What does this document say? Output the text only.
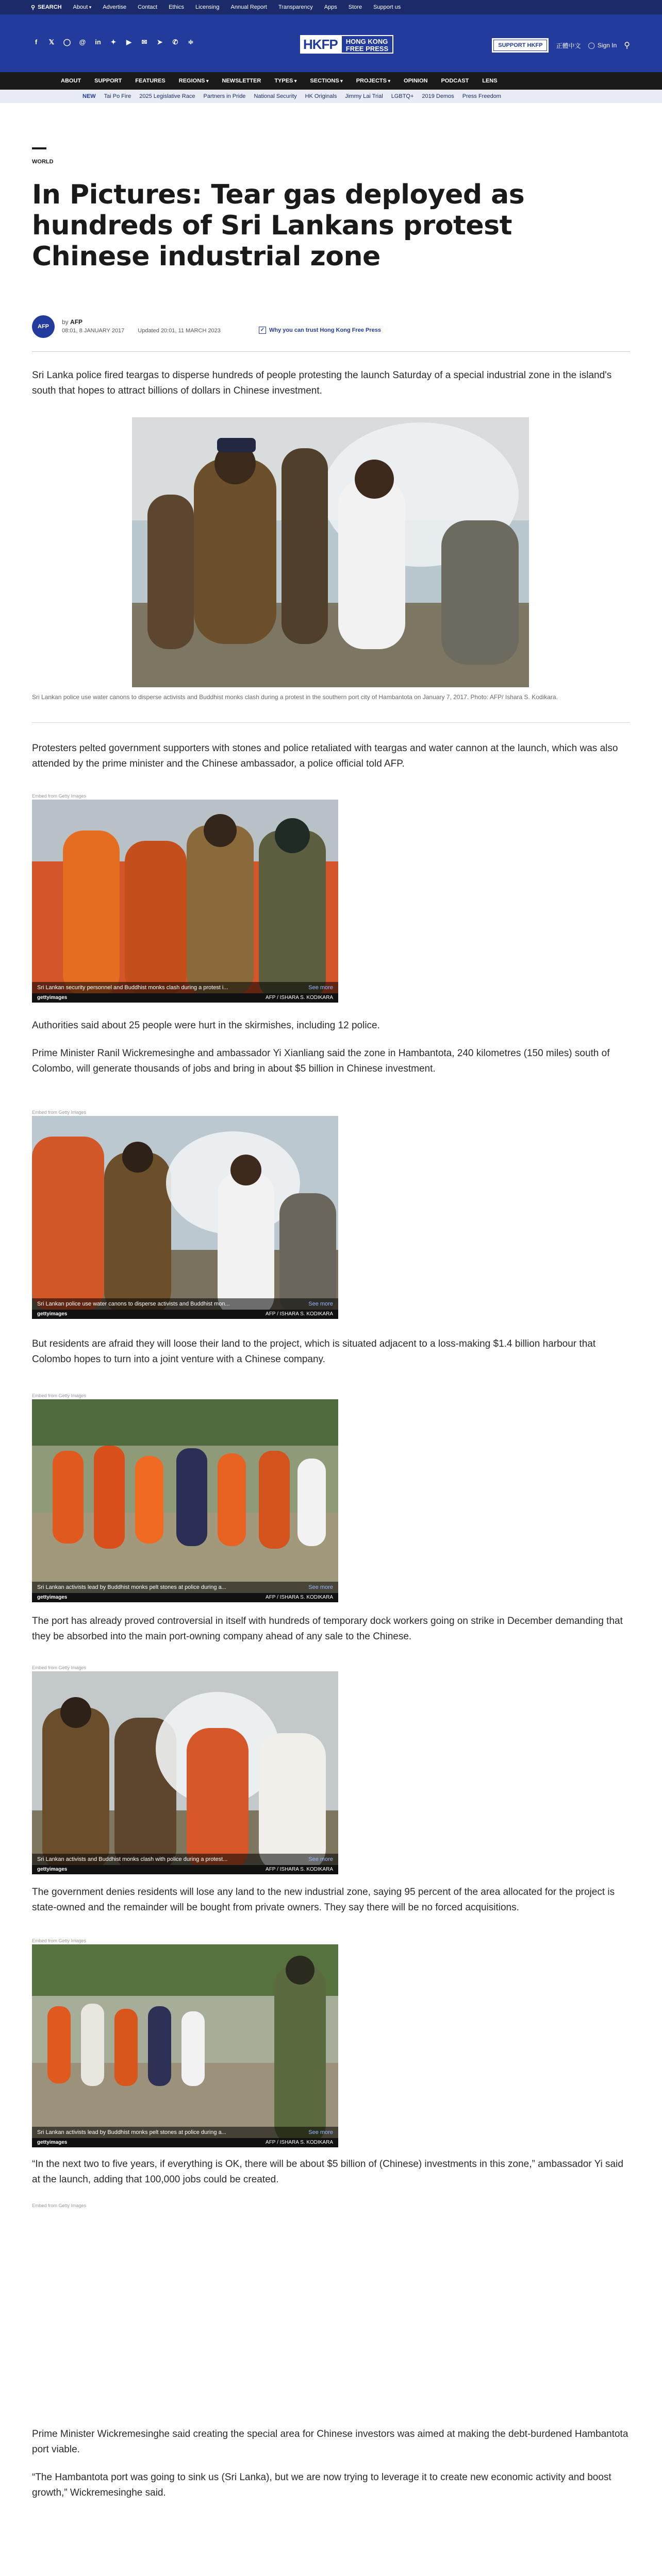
⚲ SEARCH About ▾	Advertise Contact Ethics Licensing Annual Report Transparency Apps Store Support us
f	𝕏 ◯ @ in ✦ ▶ ✉ ➤ ✆ ≑	HKFP	HONG KONG
FREE PRESS	SUPPORT HKFP	正體中文 ◯ Sign In ⚲
ABOUT SUPPORT FEATURES REGIONS ▾	NEWSLETTER TYPES ▾	SECTIONS ▾	PROJECTS ▾	OPINION PODCAST LENS
NEW Tai Po Fire 2025 Legislative Race Partners in Pride National Security HK Originals Jimmy Lai Trial LGBTQ+ 2019 Demos Press Freedom
WORLD
In Pictures: Tear gas deployed as hundreds of Sri Lankans protest Chinese industrial zone
AFP
by AFP
08:01, 8 JANUARY 2017 Updated 20:01, 11 MARCH 2023	✓ Why you can trust Hong Kong Free Press

Sri Lanka police fired teargas to disperse hundreds of people protesting the launch Saturday of a special industrial zone in the island's south that hopes to attract billions of dollars in Chinese investment.

Sri Lankan police use water canons to disperse activists and Buddhist monks clash during a protest in the southern port city of Hambantota on January 7, 2017. Photo: AFP/ Ishara S. Kodikara.

Protesters pelted government supporters with stones and police retaliated with teargas and water cannon at the launch, which was also attended by the prime minister and the Chinese ambassador, a police official told AFP.

Embed from Getty Images
Sri Lankan security personnel and Buddhist monks clash during a protest i...	See more
gettyimages	AFP / ISHARA S. KODIKARA

Authorities said about 25 people were hurt in the skirmishes, including 12 police.

Prime Minister Ranil Wickremesinghe and ambassador Yi Xianliang said the zone in Hambantota, 240 kilometres (150 miles) south of Colombo, will generate thousands of jobs and bring in about $5 billion in Chinese investment.

Embed from Getty Images
Sri Lankan police use water canons to disperse activists and Buddhist mon...	See more
gettyimages	AFP / ISHARA S. KODIKARA

But residents are afraid they will loose their land to the project, which is situated adjacent to a loss-making $1.4 billion harbour that Colombo hopes to turn into a joint venture with a Chinese company.

Embed from Getty Images
Sri Lankan activists lead by Buddhist monks pelt stones at police during a...	See more
gettyimages	AFP / ISHARA S. KODIKARA

The port has already proved controversial in itself with hundreds of temporary dock workers going on strike in December demanding that they be absorbed into the main port-owning company ahead of any sale to the Chinese.

Embed from Getty Images
Sri Lankan activists and Buddhist monks clash with police during a protest...	See more
gettyimages	AFP / ISHARA S. KODIKARA

The government denies residents will lose any land to the new industrial zone, saying 95 percent of the area allocated for the project is state-owned and the remainder will be bought from private owners. They say there will be no forced acquisitions.

Embed from Getty Images
Sri Lankan activists lead by Buddhist monks pelt stones at police during a...	See more
gettyimages	AFP / ISHARA S. KODIKARA

“In the next two to five years, if everything is OK, there will be about $5 billion of (Chinese) investments in this zone,” ambassador Yi said at the launch, adding that 100,000 jobs could be created.

Embed from Getty Images

Prime Minister Wickremesinghe said creating the special area for Chinese investors was aimed at making the debt-burdened Hambantota port viable.

“The Hambantota port was going to sink us (Sri Lanka), but we are now trying to leverage it to create new economic activity and boost growth,” Wickremesinghe said.
